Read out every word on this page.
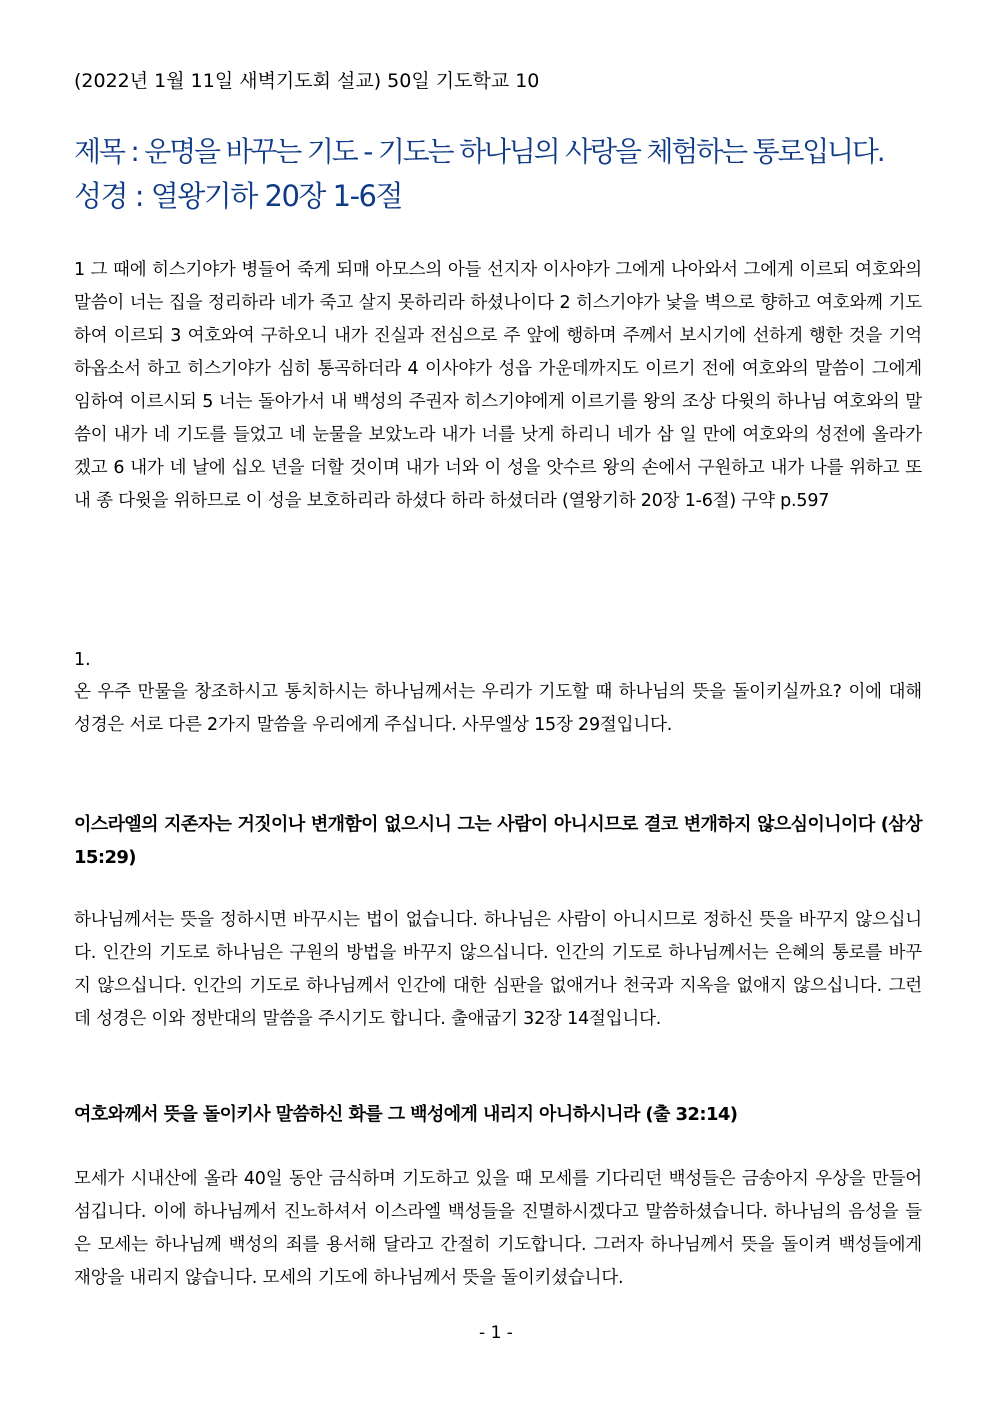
(2022년 1월 11일 새벽기도회 설교) 50일 기도학교 10
제목 : 운명을 바꾸는 기도 - 기도는 하나님의 사랑을 체험하는 통로입니다.
성경 : 열왕기하 20장 1-6절
1 그 때에 히스기야가 병들어 죽게 되매 아모스의 아들 선지자 이사야가 그에게 나아와서 그에게 이르되 여호와의 말씀이 너는 집을 정리하라 네가 죽고 살지 못하리라 하셨나이다 2 히스기야가 낯을 벽으로 향하고 여호와께 기도하여 이르되 3 여호와여 구하오니 내가 진실과 전심으로 주 앞에 행하며 주께서 보시기에 선하게 행한 것을 기억하옵소서 하고 히스기야가 심히 통곡하더라 4 이사야가 성읍 가운데까지도 이르기 전에 여호와의 말씀이 그에게 임하여 이르시되 5 너는 돌아가서 내 백성의 주권자 히스기야에게 이르기를 왕의 조상 다윗의 하나님 여호와의 말씀이 내가 네 기도를 들었고 네 눈물을 보았노라 내가 너를 낫게 하리니 네가 삼 일 만에 여호와의 성전에 올라가겠고 6 내가 네 날에 십오 년을 더할 것이며 내가 너와 이 성을 앗수르 왕의 손에서 구원하고 내가 나를 위하고 또 내 종 다윗을 위하므로 이 성을 보호하리라 하셨다 하라 하셨더라 (열왕기하 20장 1-6절) 구약 p.597
1.
온 우주 만물을 창조하시고 통치하시는 하나님께서는 우리가 기도할 때 하나님의 뜻을 돌이키실까요? 이에 대해 성경은 서로 다른 2가지 말씀을 우리에게 주십니다. 사무엘상 15장 29절입니다.
이스라엘의 지존자는 거짓이나 변개함이 없으시니 그는 사람이 아니시므로 결코 변개하지 않으심이니이다 (삼상 15:29)
하나님께서는 뜻을 정하시면 바꾸시는 법이 없습니다. 하나님은 사람이 아니시므로 정하신 뜻을 바꾸지 않으십니다. 인간의 기도로 하나님은 구원의 방법을 바꾸지 않으십니다. 인간의 기도로 하나님께서는 은혜의 통로를 바꾸지 않으십니다. 인간의 기도로 하나님께서 인간에 대한 심판을 없애거나 천국과 지옥을 없애지 않으십니다. 그런데 성경은 이와 정반대의 말씀을 주시기도 합니다. 출애굽기 32장 14절입니다.
여호와께서 뜻을 돌이키사 말씀하신 화를 그 백성에게 내리지 아니하시니라 (출 32:14)
모세가 시내산에 올라 40일 동안 금식하며 기도하고 있을 때 모세를 기다리던 백성들은 금송아지 우상을 만들어 섬깁니다. 이에 하나님께서 진노하셔서 이스라엘 백성들을 진멸하시겠다고 말씀하셨습니다. 하나님의 음성을 들은 모세는 하나님께 백성의 죄를 용서해 달라고 간절히 기도합니다. 그러자 하나님께서 뜻을 돌이켜 백성들에게 재앙을 내리지 않습니다. 모세의 기도에 하나님께서 뜻을 돌이키셨습니다.
- 1 -
